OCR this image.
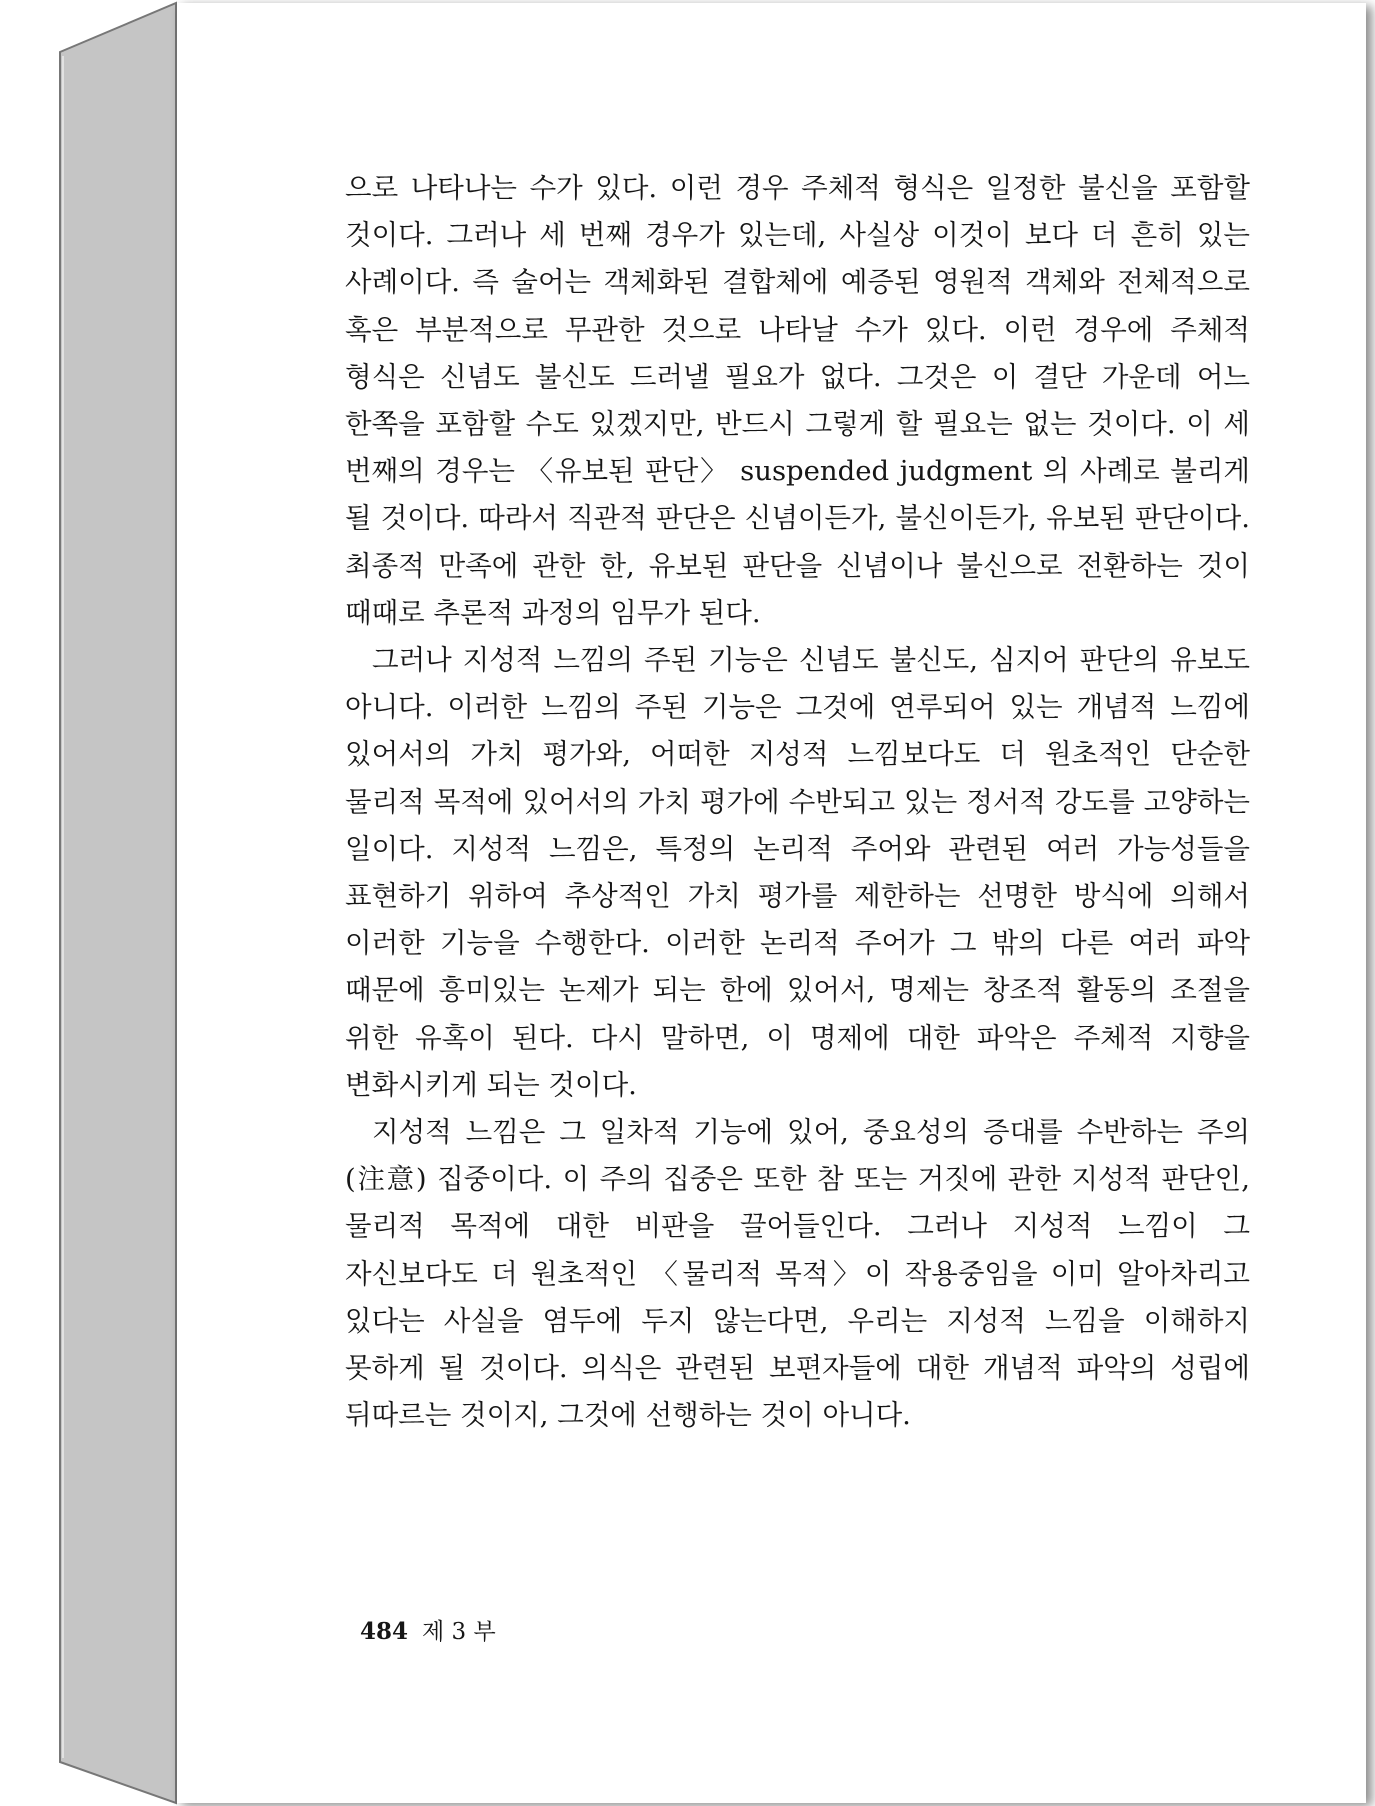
으로 나타나는 수가 있다. 이런 경우 주체적 형식은 일정한 불신을 포함할 것이다. 그러나 세 번째 경우가 있는데, 사실상 이것이 보다 더 흔히 있는 사례이다. 즉 술어는 객체화된 결합체에 예증된 영원적 객체와 전체적으로 혹은 부분적으로 무관한 것으로 나타날 수가 있다. 이런 경우에 주체적 형식은 신념도 불신도 드러낼 필요가 없다. 그것은 이 결단 가운데 어느 한쪽을 포함할 수도 있겠지만, 반드시 그렇게 할 필요는 없는 것이다. 이 세 번째의 경우는 〈유보된 판단〉 suspended judgment 의 사례로 불리게 될 것이다. 따라서 직관적 판단은 신념이든가, 불신이든가, 유보된 판단이다. 최종적 만족에 관한 한, 유보된 판단을 신념이나 불신으로 전환하는 것이 때때로 추론적 과정의 임무가 된다.

그러나 지성적 느낌의 주된 기능은 신념도 불신도, 심지어 판단의 유보도 아니다. 이러한 느낌의 주된 기능은 그것에 연루되어 있는 개념적 느낌에 있어서의 가치 평가와, 어떠한 지성적 느낌보다도 더 원초적인 단순한 물리적 목적에 있어서의 가치 평가에 수반되고 있는 정서적 강도를 고양하는 일이다. 지성적 느낌은, 특정의 논리적 주어와 관련된 여러 가능성들을 표현하기 위하여 추상적인 가치 평가를 제한하는 선명한 방식에 의해서 이러한 기능을 수행한다. 이러한 논리적 주어가 그 밖의 다른 여러 파악 때문에 흥미있는 논제가 되는 한에 있어서, 명제는 창조적 활동의 조절을 위한 유혹이 된다. 다시 말하면, 이 명제에 대한 파악은 주체적 지향을 변화시키게 되는 것이다.

지성적 느낌은 그 일차적 기능에 있어, 중요성의 증대를 수반하는 주의(注意) 집중이다. 이 주의 집중은 또한 참 또는 거짓에 관한 지성적 판단인, 물리적 목적에 대한 비판을 끌어들인다. 그러나 지성적 느낌이 그 자신보다도 더 원초적인 〈물리적 목적〉이 작용중임을 이미 알아차리고 있다는 사실을 염두에 두지 않는다면, 우리는 지성적 느낌을 이해하지 못하게 될 것이다. 의식은 관련된 보편자들에 대한 개념적 파악의 성립에 뒤따르는 것이지, 그것에 선행하는 것이 아니다.

484 제 3 부
